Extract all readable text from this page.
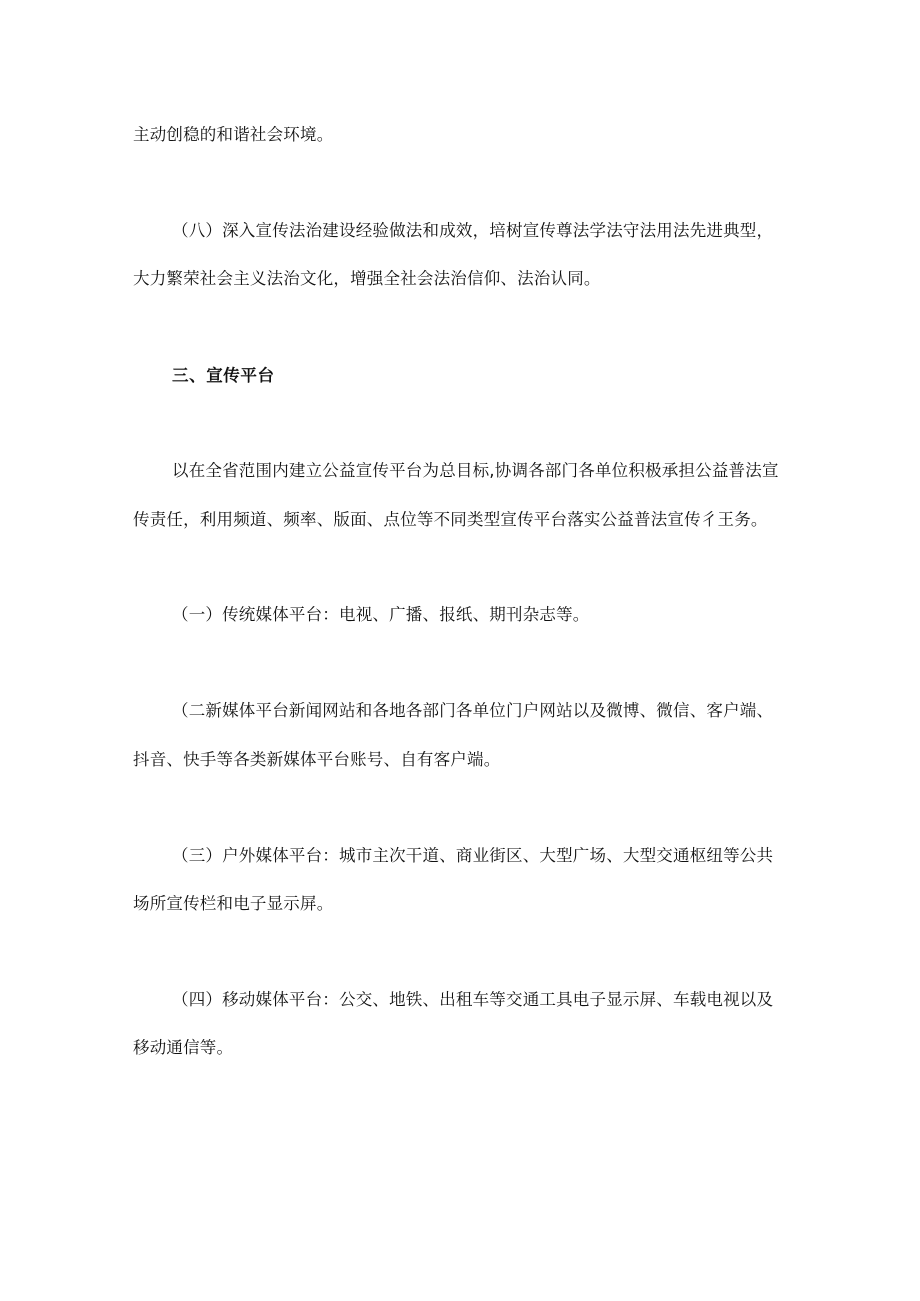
主动创稳的和谐社会环境。
（八）深入宣传法治建设经验做法和成效，培树宣传尊法学法守法用法先进典型，
大力繁荣社会主义法治文化，增强全社会法治信仰、法治认同。
三、宣传平台
以在全省范围内建立公益宣传平台为总目标,协调各部门各单位积极承担公益普法宣
传责任，利用频道、频率、版面、点位等不同类型宣传平台落实公益普法宣传彳王务。
（一）传统媒体平台：电视、广播、报纸、期刊杂志等。
（二新媒体平台新闻网站和各地各部门各单位门户网站以及微博、微信、客户端、
抖音、快手等各类新媒体平台账号、自有客户端。
（三）户外媒体平台：城市主次干道、商业街区、大型广场、大型交通枢纽等公共
场所宣传栏和电子显示屏。
（四）移动媒体平台：公交、地铁、出租车等交通工具电子显示屏、车载电视以及
移动通信等。
